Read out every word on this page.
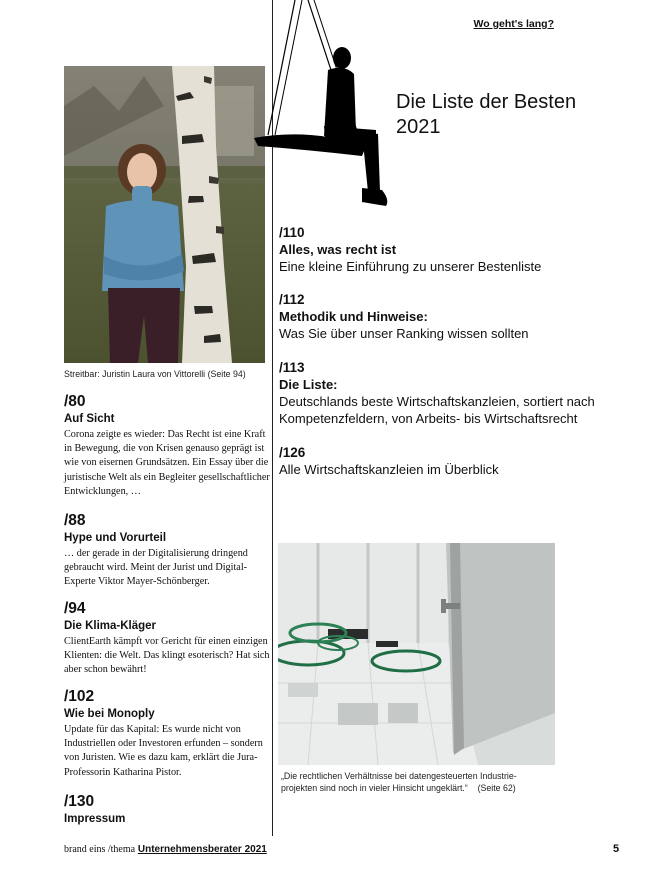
Wo geht's lang?
Streitbar: Juristin Laura von Vittorelli (Seite 94)
/80
Auf Sicht
Corona zeigte es wieder: Das Recht ist eine Kraft in Bewegung, die von Krisen genauso geprägt ist wie von eisernen Grundsätzen. Ein Essay über die juristische Welt als ein Begleiter gesellschaftlicher Entwicklungen, …
/88
Hype und Vorurteil
… der gerade in der Digitalisierung dringend gebraucht wird. Meint der Jurist und Digital-Experte Viktor Mayer-Schönberger.
/94
Die Klima-Kläger
ClientEarth kämpft vor Gericht für einen einzigen Klienten: die Welt. Das klingt esoterisch? Hat sich aber schon bewährt!
/102
Wie bei Monoply
Update für das Kapital: Es wurde nicht von Industriellen oder Investoren erfunden – sondern von Juristen. Wie es dazu kam, erklärt die Jura-Professorin Katharina Pistor.
/130
Impressum
Die Liste der Besten
2021
/110
Alles, was recht ist
Eine kleine Einführung zu unserer Bestenliste
/112
Methodik und Hinweise:
Was Sie über unser Ranking wissen sollten
/113
Die Liste:
Deutschlands beste Wirtschaftskanzleien, sortiert nach Kompetenzfeldern, von Arbeits- bis Wirtschaftsrecht
/126
Alle Wirtschaftskanzleien im Überblick
„Die rechtlichen Verhältnisse bei datengesteuerten Industrie-
projekten sind noch in vieler Hinsicht ungeklärt.“ (Seite 62)
brand eins /thema Unternehmensberater 2021	5
